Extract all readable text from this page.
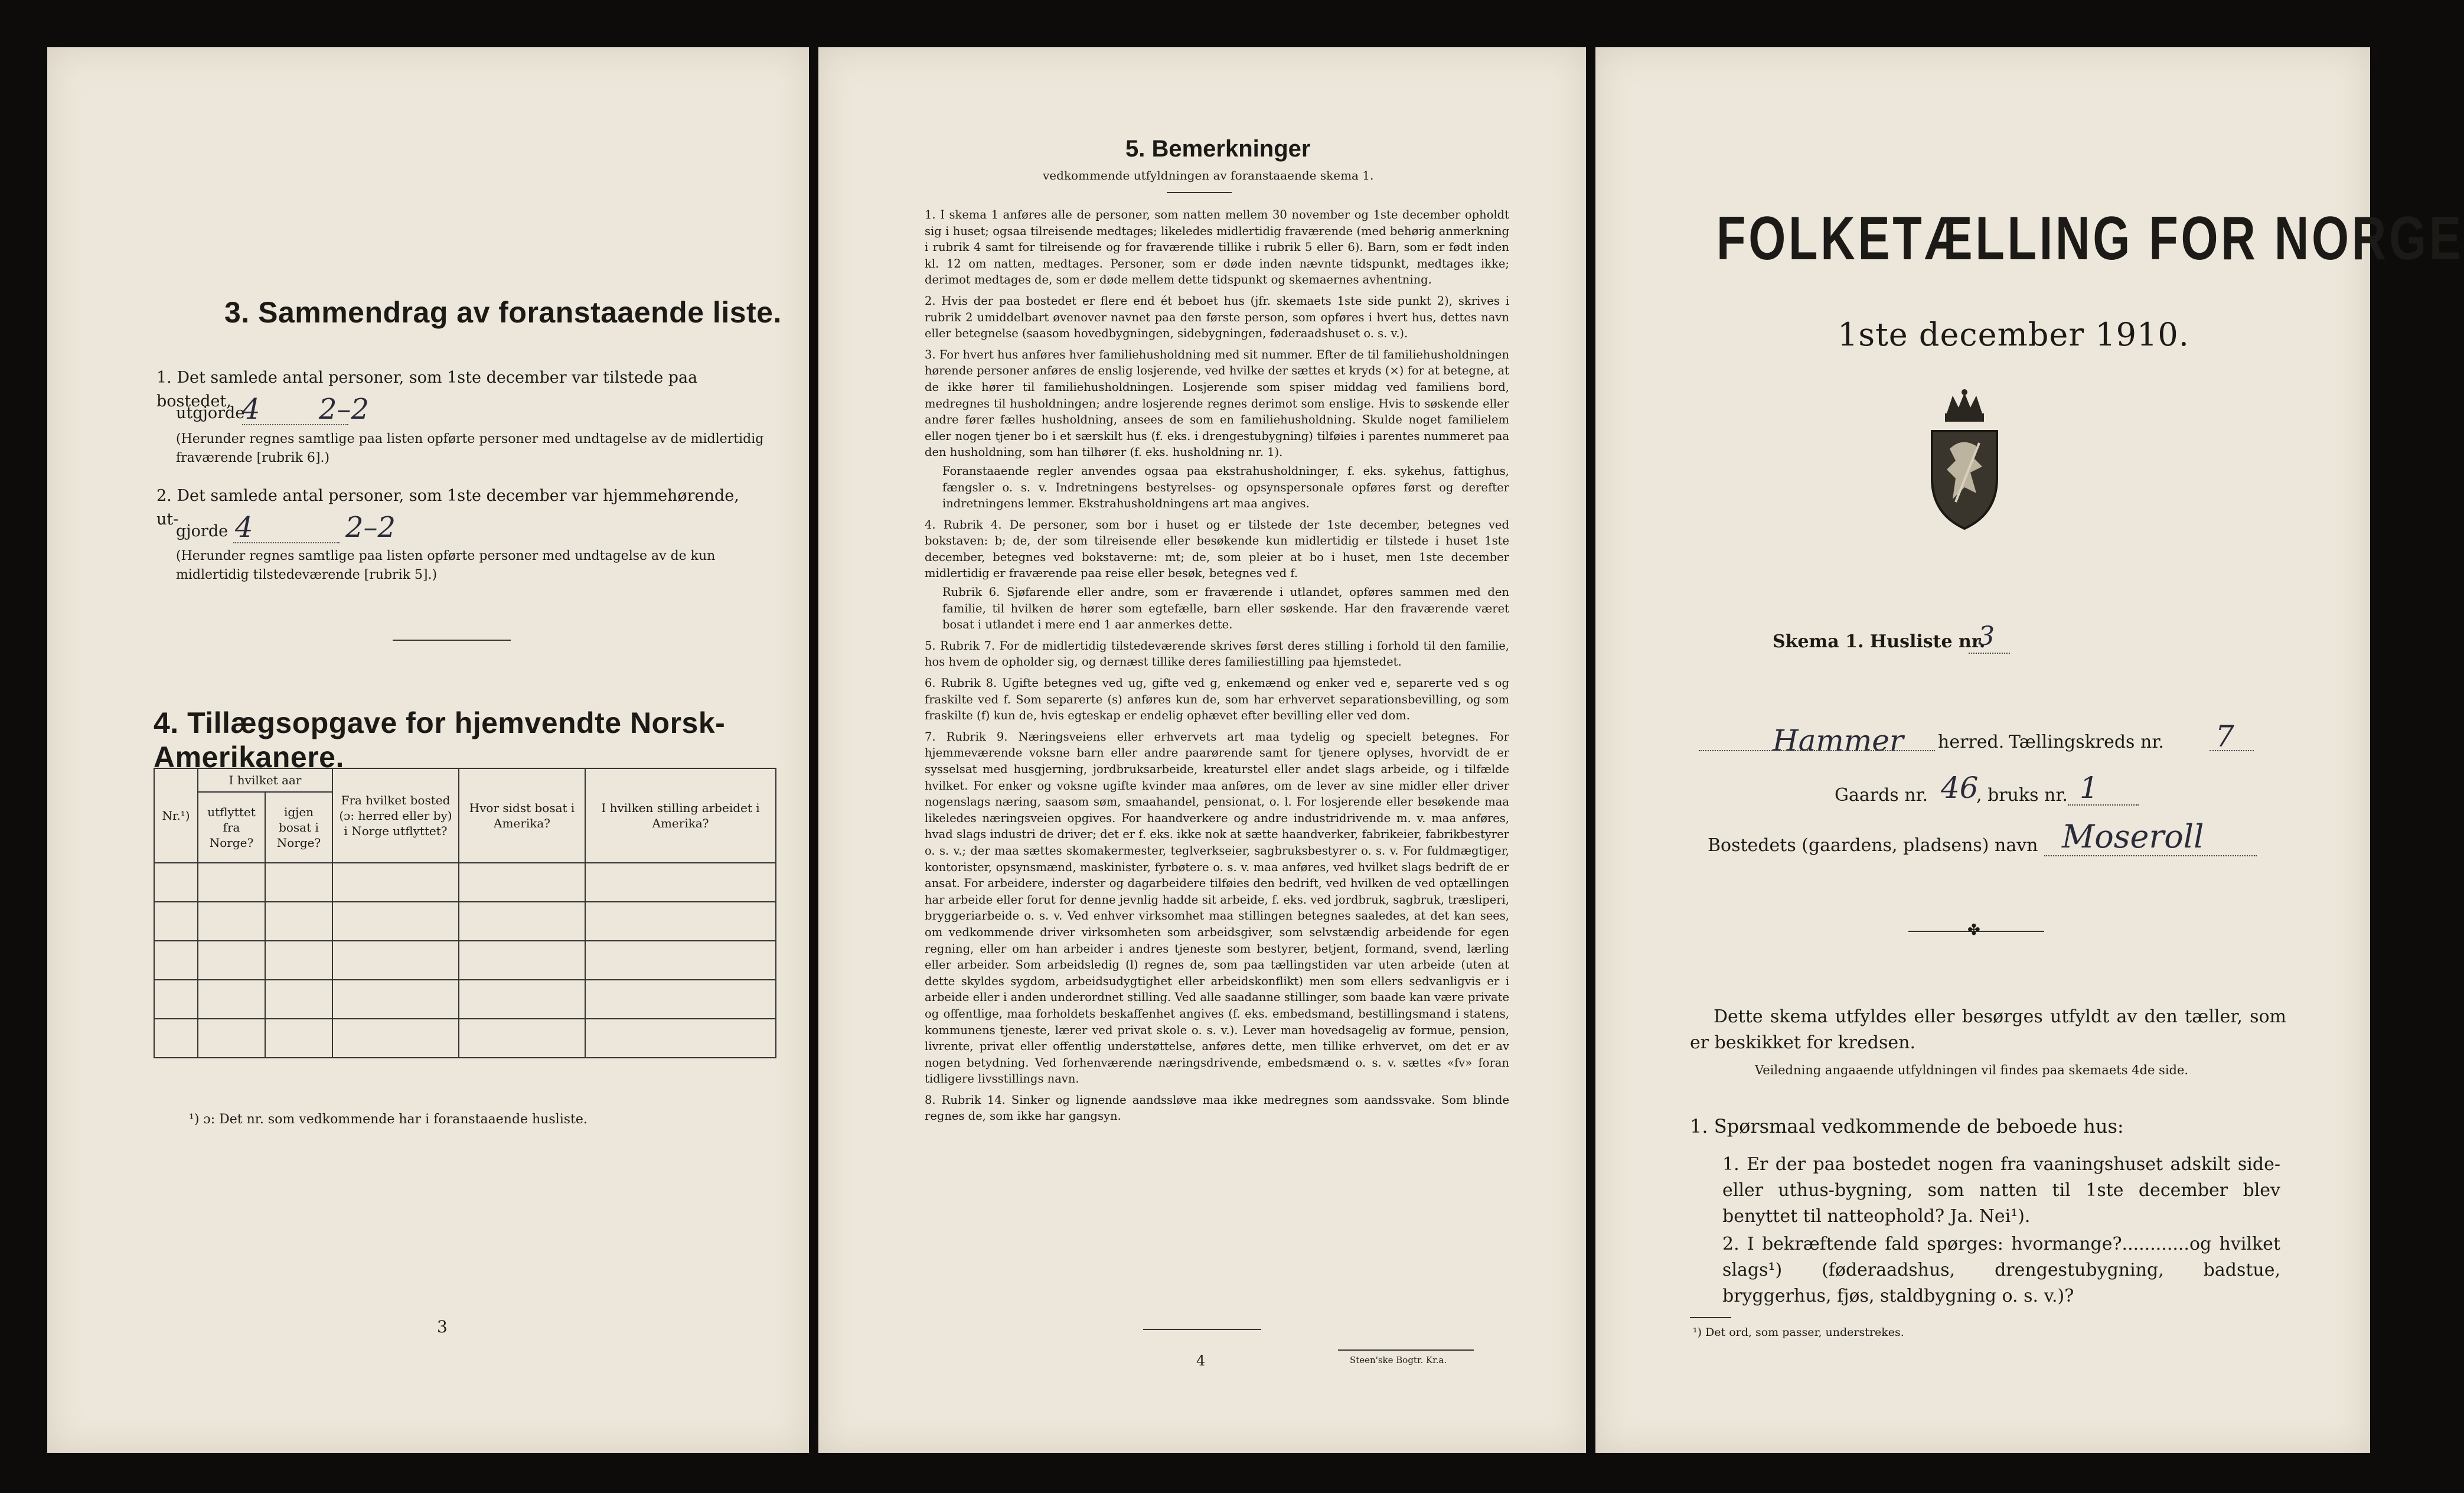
3. Sammendrag av foranstaaende liste.
1. Det samlede antal personer, som 1ste december var tilstede paa bostedet,
utgjorde
4 2–2
(Herunder regnes samtlige paa listen opførte personer med undtagelse av de midlertidig fraværende [rubrik 6].)
2. Det samlede antal personer, som 1ste december var hjemmehørende, ut-
gjorde 4	2–2
(Herunder regnes samtlige paa listen opførte personer med undtagelse av de kun midlertidig tilstedeværende [rubrik 5].)
4. Tillægsopgave for hjemvendte Norsk-Amerikanere.
Nr.¹)	I hvilket aar		Fra hvilket bosted (ɔ: herred eller by) i Norge utflyttet?	Hvor sidst bosat i Amerika?	I hvilken stilling arbeidet i Amerika?
	utflyttet fra Norge?	igjen bosat i Norge?			

¹) ɔ: Det nr. som vedkommende har i foranstaaende husliste.
3
5. Bemerkninger
vedkommende utfyldningen av foranstaaende skema 1.

1. I skema 1 anføres alle de personer, som natten mellem 30 november og 1ste december opholdt sig i huset; ogsaa tilreisende medtages; likeledes midlertidig fraværende (med behørig anmerkning i rubrik 4 samt for tilreisende og for fraværende tillike i rubrik 5 eller 6). Barn, som er født inden kl. 12 om natten, medtages. Personer, som er døde inden nævnte tidspunkt, medtages ikke; derimot medtages de, som er døde mellem dette tidspunkt og skemaernes avhentning.

2. Hvis der paa bostedet er flere end ét beboet hus (jfr. skemaets 1ste side punkt 2), skrives i rubrik 2 umiddelbart øvenover navnet paa den første person, som opføres i hvert hus, dettes navn eller betegnelse (saasom hovedbygningen, sidebygningen, føderaadshuset o. s. v.).

3. For hvert hus anføres hver familiehusholdning med sit nummer. Efter de til familiehusholdningen hørende personer anføres de enslig losjerende, ved hvilke der sættes et kryds (×) for at betegne, at de ikke hører til familiehusholdningen. Losjerende som spiser middag ved familiens bord, medregnes til husholdningen; andre losjerende regnes derimot som enslige. Hvis to søskende eller andre fører fælles husholdning, ansees de som en familiehusholdning. Skulde noget familielem eller nogen tjener bo i et særskilt hus (f. eks. i drengestubygning) tilføies i parentes nummeret paa den husholdning, som han tilhører (f. eks. husholdning nr. 1).

Foranstaaende regler anvendes ogsaa paa ekstrahusholdninger, f. eks. sykehus, fattighus, fængsler o. s. v. Indretningens bestyrelses- og opsynspersonale opføres først og derefter indretningens lemmer. Ekstrahusholdningens art maa angives.

4. Rubrik 4. De personer, som bor i huset og er tilstede der 1ste december, betegnes ved bokstaven: b; de, der som tilreisende eller besøkende kun midlertidig er tilstede i huset 1ste december, betegnes ved bokstaverne: mt; de, som pleier at bo i huset, men 1ste december midlertidig er fraværende paa reise eller besøk, betegnes ved f.

Rubrik 6. Sjøfarende eller andre, som er fraværende i utlandet, opføres sammen med den familie, til hvilken de hører som egtefælle, barn eller søskende. Har den fraværende været bosat i utlandet i mere end 1 aar anmerkes dette.

5. Rubrik 7. For de midlertidig tilstedeværende skrives først deres stilling i forhold til den familie, hos hvem de opholder sig, og dernæst tillike deres familiestilling paa hjemstedet.

6. Rubrik 8. Ugifte betegnes ved ug, gifte ved g, enkemænd og enker ved e, separerte ved s og fraskilte ved f. Som separerte (s) anføres kun de, som har erhvervet separationsbevilling, og som fraskilte (f) kun de, hvis egteskap er endelig ophævet efter bevilling eller ved dom.

7. Rubrik 9. Næringsveiens eller erhvervets art maa tydelig og specielt betegnes. For hjemmeværende voksne barn eller andre paarørende samt for tjenere oplyses, hvorvidt de er sysselsat med husgjerning, jordbruksarbeide, kreaturstel eller andet slags arbeide, og i tilfælde hvilket. For enker og voksne ugifte kvinder maa anføres, om de lever av sine midler eller driver nogenslags næring, saasom søm, smaahandel, pensionat, o. l. For losjerende eller besøkende maa likeledes næringsveien opgives. For haandverkere og andre industridrivende m. v. maa anføres, hvad slags industri de driver; det er f. eks. ikke nok at sætte haandverker, fabrikeier, fabrikbestyrer o. s. v.; der maa sættes skomakermester, teglverkseier, sagbruksbestyrer o. s. v. For fuldmægtiger, kontorister, opsynsmænd, maskinister, fyrbøtere o. s. v. maa anføres, ved hvilket slags bedrift de er ansat. For arbeidere, inderster og dagarbeidere tilføies den bedrift, ved hvilken de ved optællingen har arbeide eller forut for denne jevnlig hadde sit arbeide, f. eks. ved jordbruk, sagbruk, træsliperi, bryggeriarbeide o. s. v. Ved enhver virksomhet maa stillingen betegnes saaledes, at det kan sees, om vedkommende driver virksomheten som arbeidsgiver, som selvstændig arbeidende for egen regning, eller om han arbeider i andres tjeneste som bestyrer, betjent, formand, svend, lærling eller arbeider. Som arbeidsledig (l) regnes de, som paa tællingstiden var uten arbeide (uten at dette skyldes sygdom, arbeidsudygtighet eller arbeidskonflikt) men som ellers sedvanligvis er i arbeide eller i anden underordnet stilling. Ved alle saadanne stillinger, som baade kan være private og offentlige, maa forholdets beskaffenhet angives (f. eks. embedsmand, bestillingsmand i statens, kommunens tjeneste, lærer ved privat skole o. s. v.). Lever man hovedsagelig av formue, pension, livrente, privat eller offentlig understøttelse, anføres dette, men tillike erhvervet, om det er av nogen betydning. Ved forhenværende næringsdrivende, embedsmænd o. s. v. sættes «fv» foran tidligere livsstillings navn.

8. Rubrik 14. Sinker og lignende aandssløve maa ikke medregnes som aandssvake. Som blinde regnes de, som ikke har gangsyn.

4	Steen'ske Bogtr. Kr.a.
FOLKETÆLLING FOR NORGE
1ste december 1910.
Skema 1. Husliste nr.
3
Hammer herred. Tællingskreds nr. 7
Gaards nr. 46
, bruks nr. 1
Bostedets (gaardens, pladsens) navn Moseroll
✤
Dette skema utfyldes eller besørges utfyldt av den tæller, som er beskikket for kredsen.
Veiledning angaaende utfyldningen vil findes paa skemaets 4de side.
1. Spørsmaal vedkommende de beboede hus:
1. Er der paa bostedet nogen fra vaaningshuset adskilt side- eller uthus-bygning, som natten til 1ste december blev benyttet til natteophold? Ja. Nei¹).
2. I bekræftende fald spørges: hvormange?............og hvilket slags¹) (føderaadshus, drengestubygning, badstue, bryggerhus, fjøs, staldbygning o. s. v.)?
¹) Det ord, som passer, understrekes.
